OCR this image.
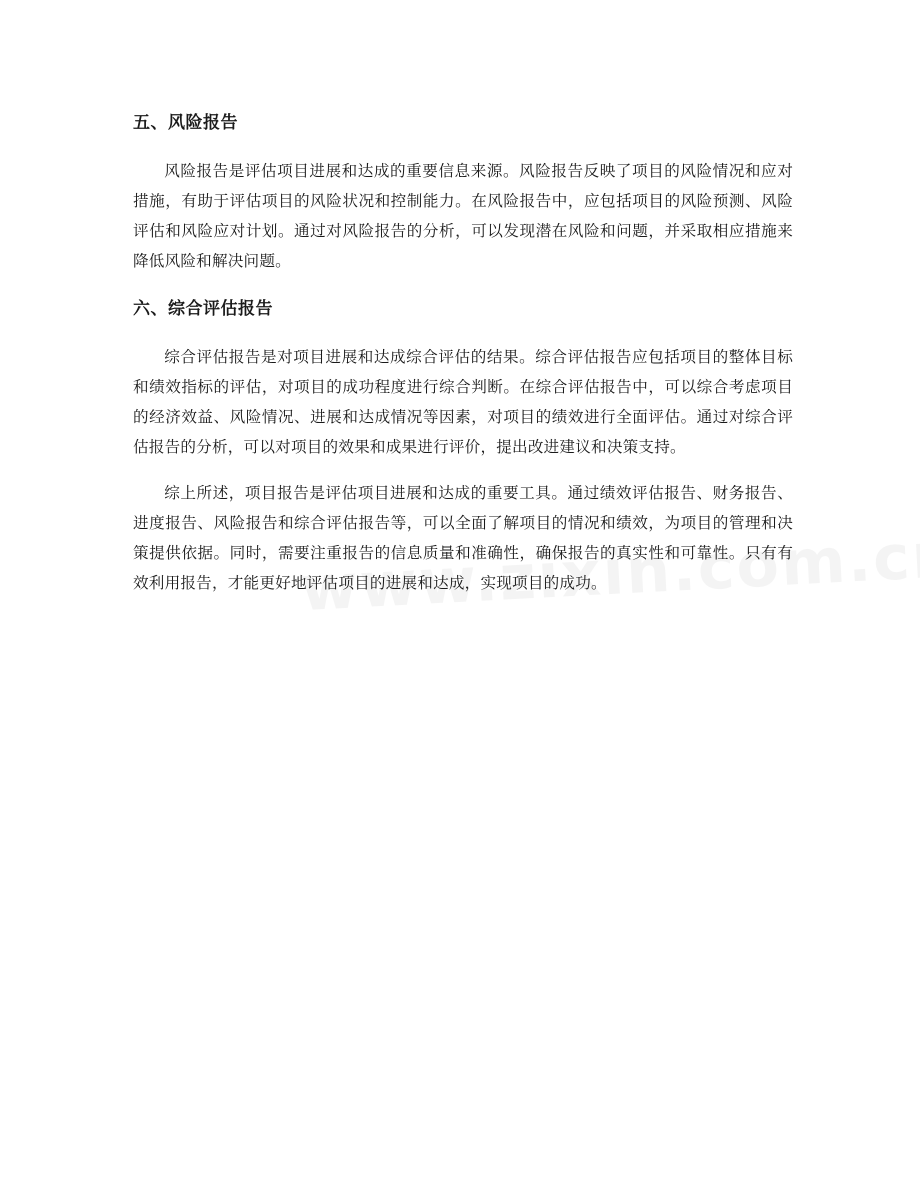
五、风险报告

风险报告是评估项目进展和达成的重要信息来源。风险报告反映了项目的风险情况和应对措施，有助于评估项目的风险状况和控制能力。在风险报告中，应包括项目的风险预测、风险评估和风险应对计划。通过对风险报告的分析，可以发现潜在风险和问题，并采取相应措施来降低风险和解决问题。

六、综合评估报告

综合评估报告是对项目进展和达成综合评估的结果。综合评估报告应包括项目的整体目标和绩效指标的评估，对项目的成功程度进行综合判断。在综合评估报告中，可以综合考虑项目的经济效益、风险情况、进展和达成情况等因素，对项目的绩效进行全面评估。通过对综合评估报告的分析，可以对项目的效果和成果进行评价，提出改进建议和决策支持。

综上所述，项目报告是评估项目进展和达成的重要工具。通过绩效评估报告、财务报告、进度报告、风险报告和综合评估报告等，可以全面了解项目的情况和绩效，为项目的管理和决策提供依据。同时，需要注重报告的信息质量和准确性，确保报告的真实性和可靠性。只有有效利用报告，才能更好地评估项目的进展和达成，实现项目的成功。
